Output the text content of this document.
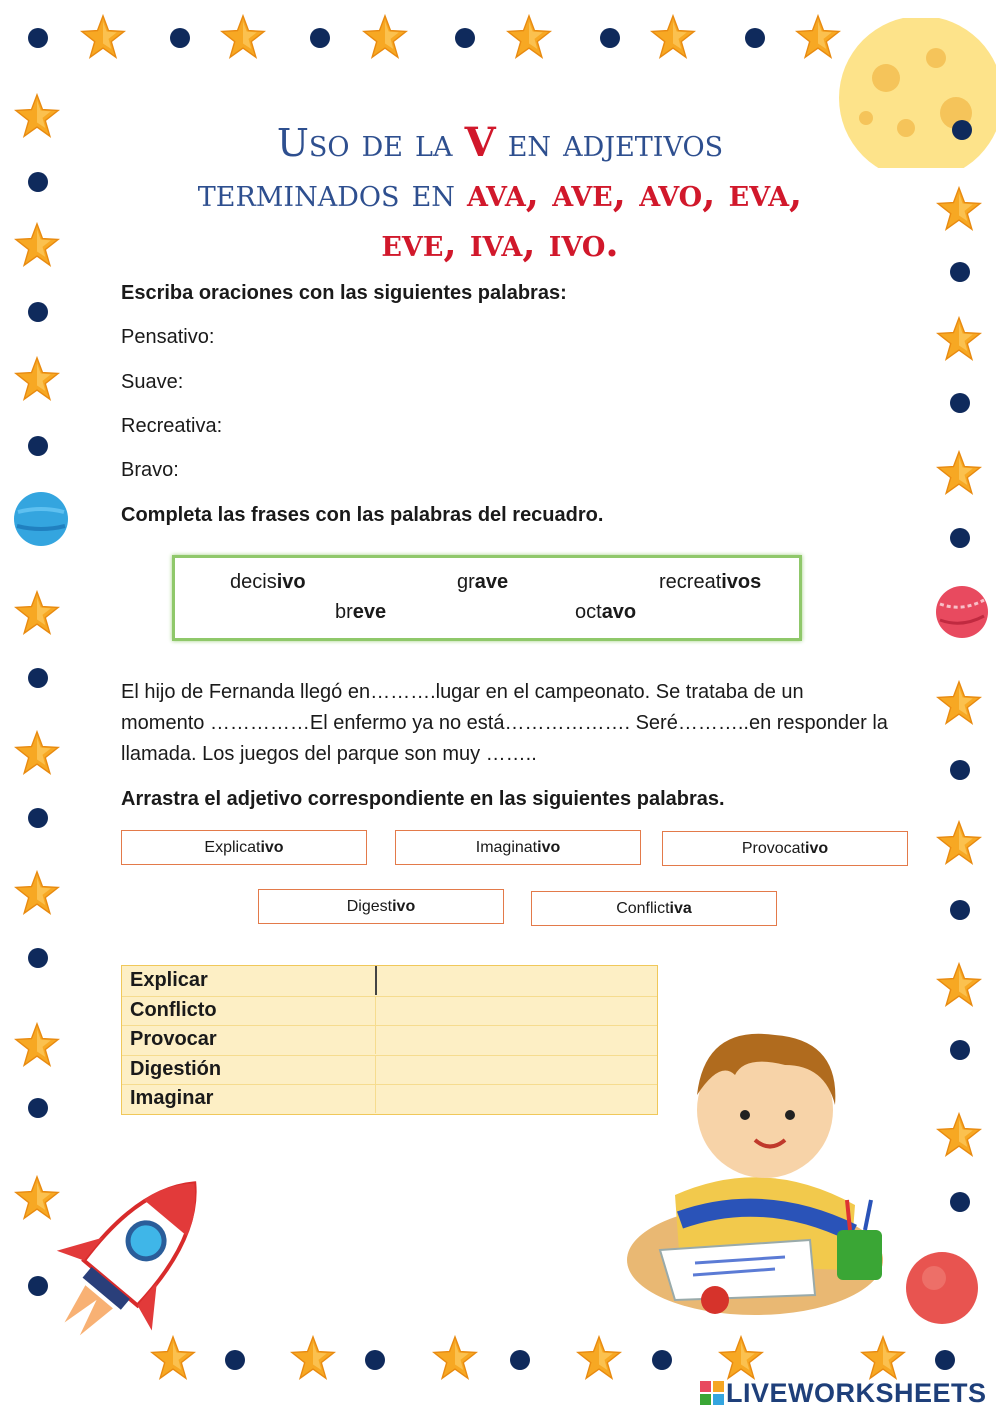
Uso de la V en adjetivos
terminados en ava, ave, avo, eva,
eve, iva, ivo.
Escriba oraciones con las siguientes palabras:
Pensativo:
Suave:
Recreativa:
Bravo:
Completa las frases con las palabras del recuadro.
decisivo	grave	recreativos
breve	octavo
El hijo de Fernanda llegó en……….lugar en el campeonato. Se trataba de un momento ……………El enfermo ya no está………………. Seré………..en responder la llamada. Los juegos del parque son muy ……..
Arrastra el adjetivo correspondiente en las siguientes palabras.
Explicat ivo	Imaginat ivo	Provocat ivo
Digest ivo	Conflict iva
Explicar
Conflicto
Provocar
Digestión
Imaginar
LIVEWORKSHEETS
